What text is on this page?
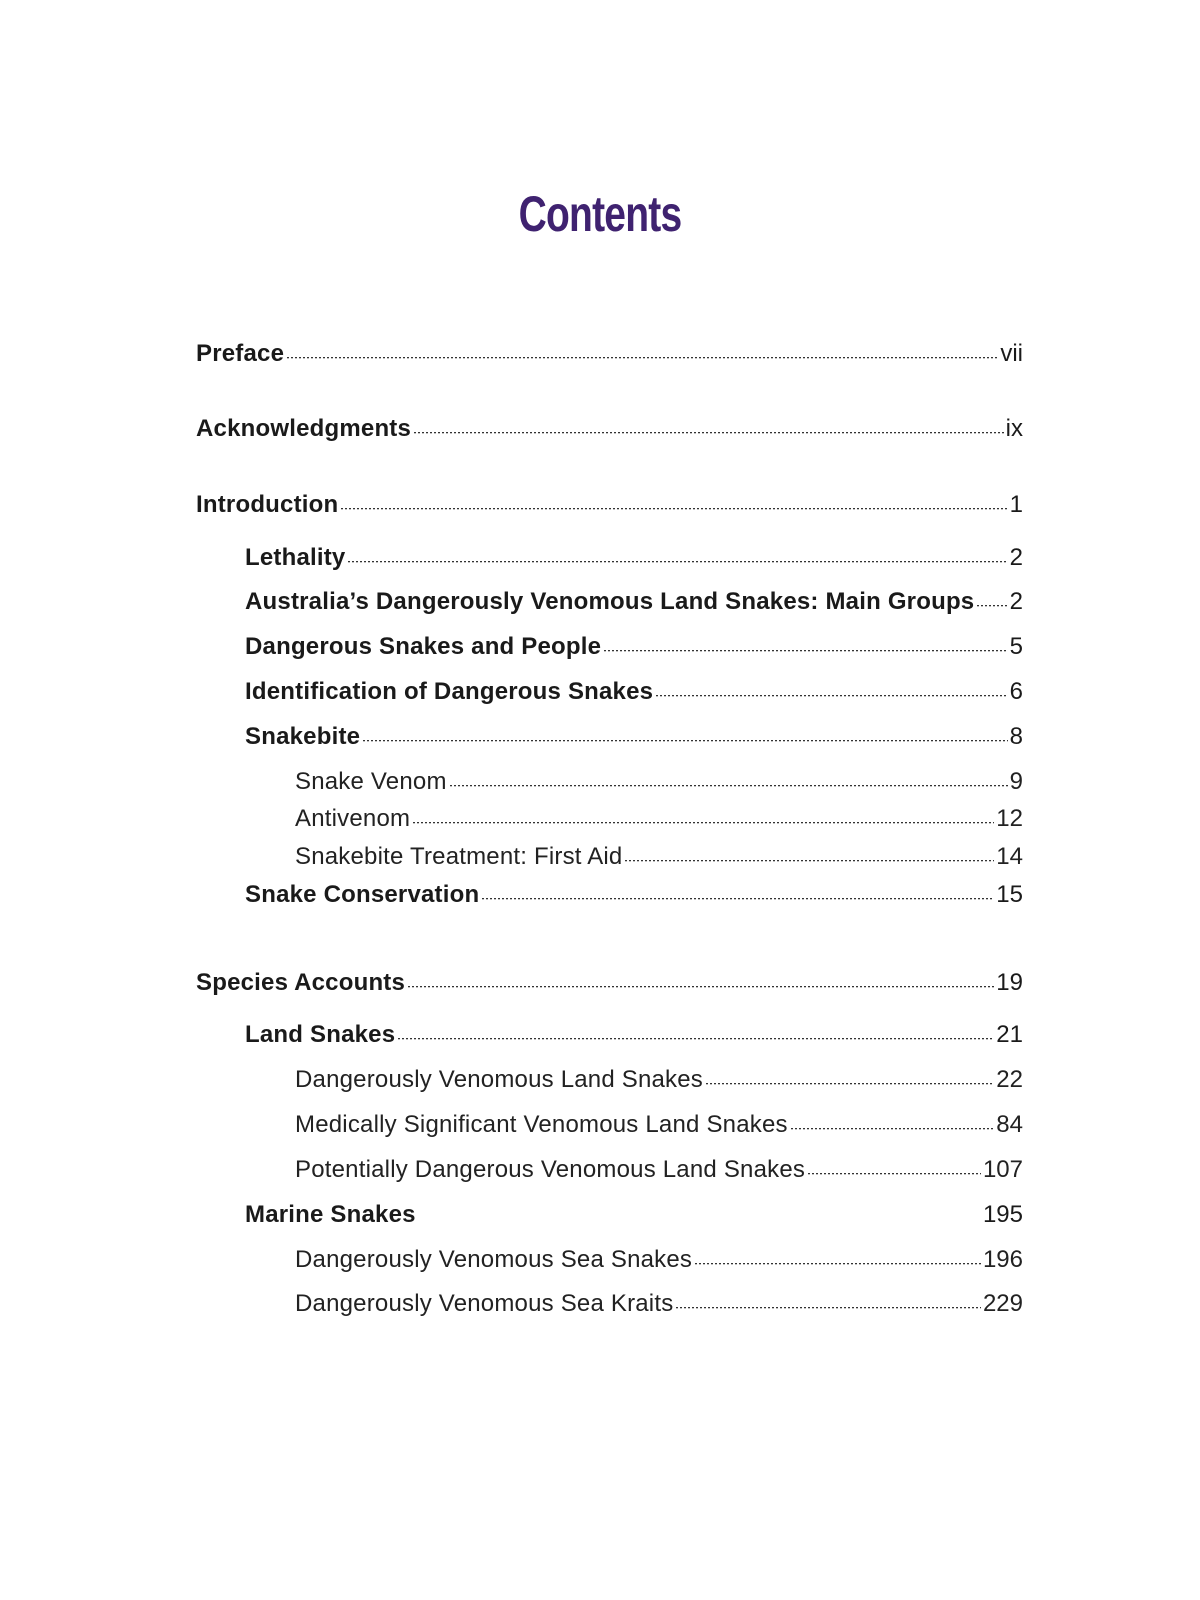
Contents
Preface	vii
Acknowledgments	ix
Introduction	1
Lethality	2
Australia’s Dangerously Venomous Land Snakes: Main Groups 2
Dangerous Snakes and People	5
Identification of Dangerous Snakes	6
Snakebite	8
Snake Venom	9
Antivenom	12
Snakebite Treatment: First Aid	14
Snake Conservation	15
Species Accounts	19
Land Snakes	21
Dangerously Venomous Land Snakes	22
Medically Significant Venomous Land Snakes	84
Potentially Dangerous Venomous Land Snakes	107
Marine Snakes	195
Dangerously Venomous Sea Snakes	196
Dangerously Venomous Sea Kraits	229
